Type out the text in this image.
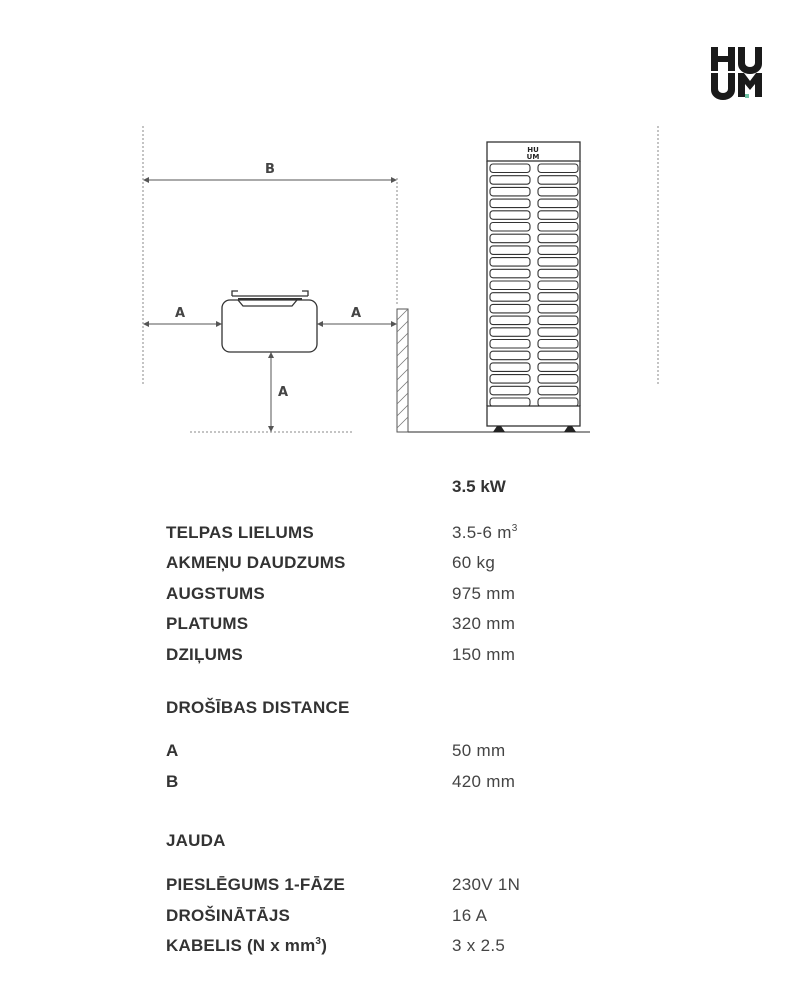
B
A	A
A
HU
UM
3.5 kW
TELPAS LIELUMS	3.5-6 $m^3$
AKMEŅU DAUDZUMS	60 kg
AUGSTUMS	975 mm
PLATUMS	320 mm
DZIĻUMS	150 mm
DROŠĪBAS DISTANCE
A	50 mm
B	420 mm
JAUDA
PIESLĒGUMS 1-FĀZE	230V 1N
DROŠINĀTĀJS	16 A
KABELIS (N x $mm^3$)	3 x 2.5
